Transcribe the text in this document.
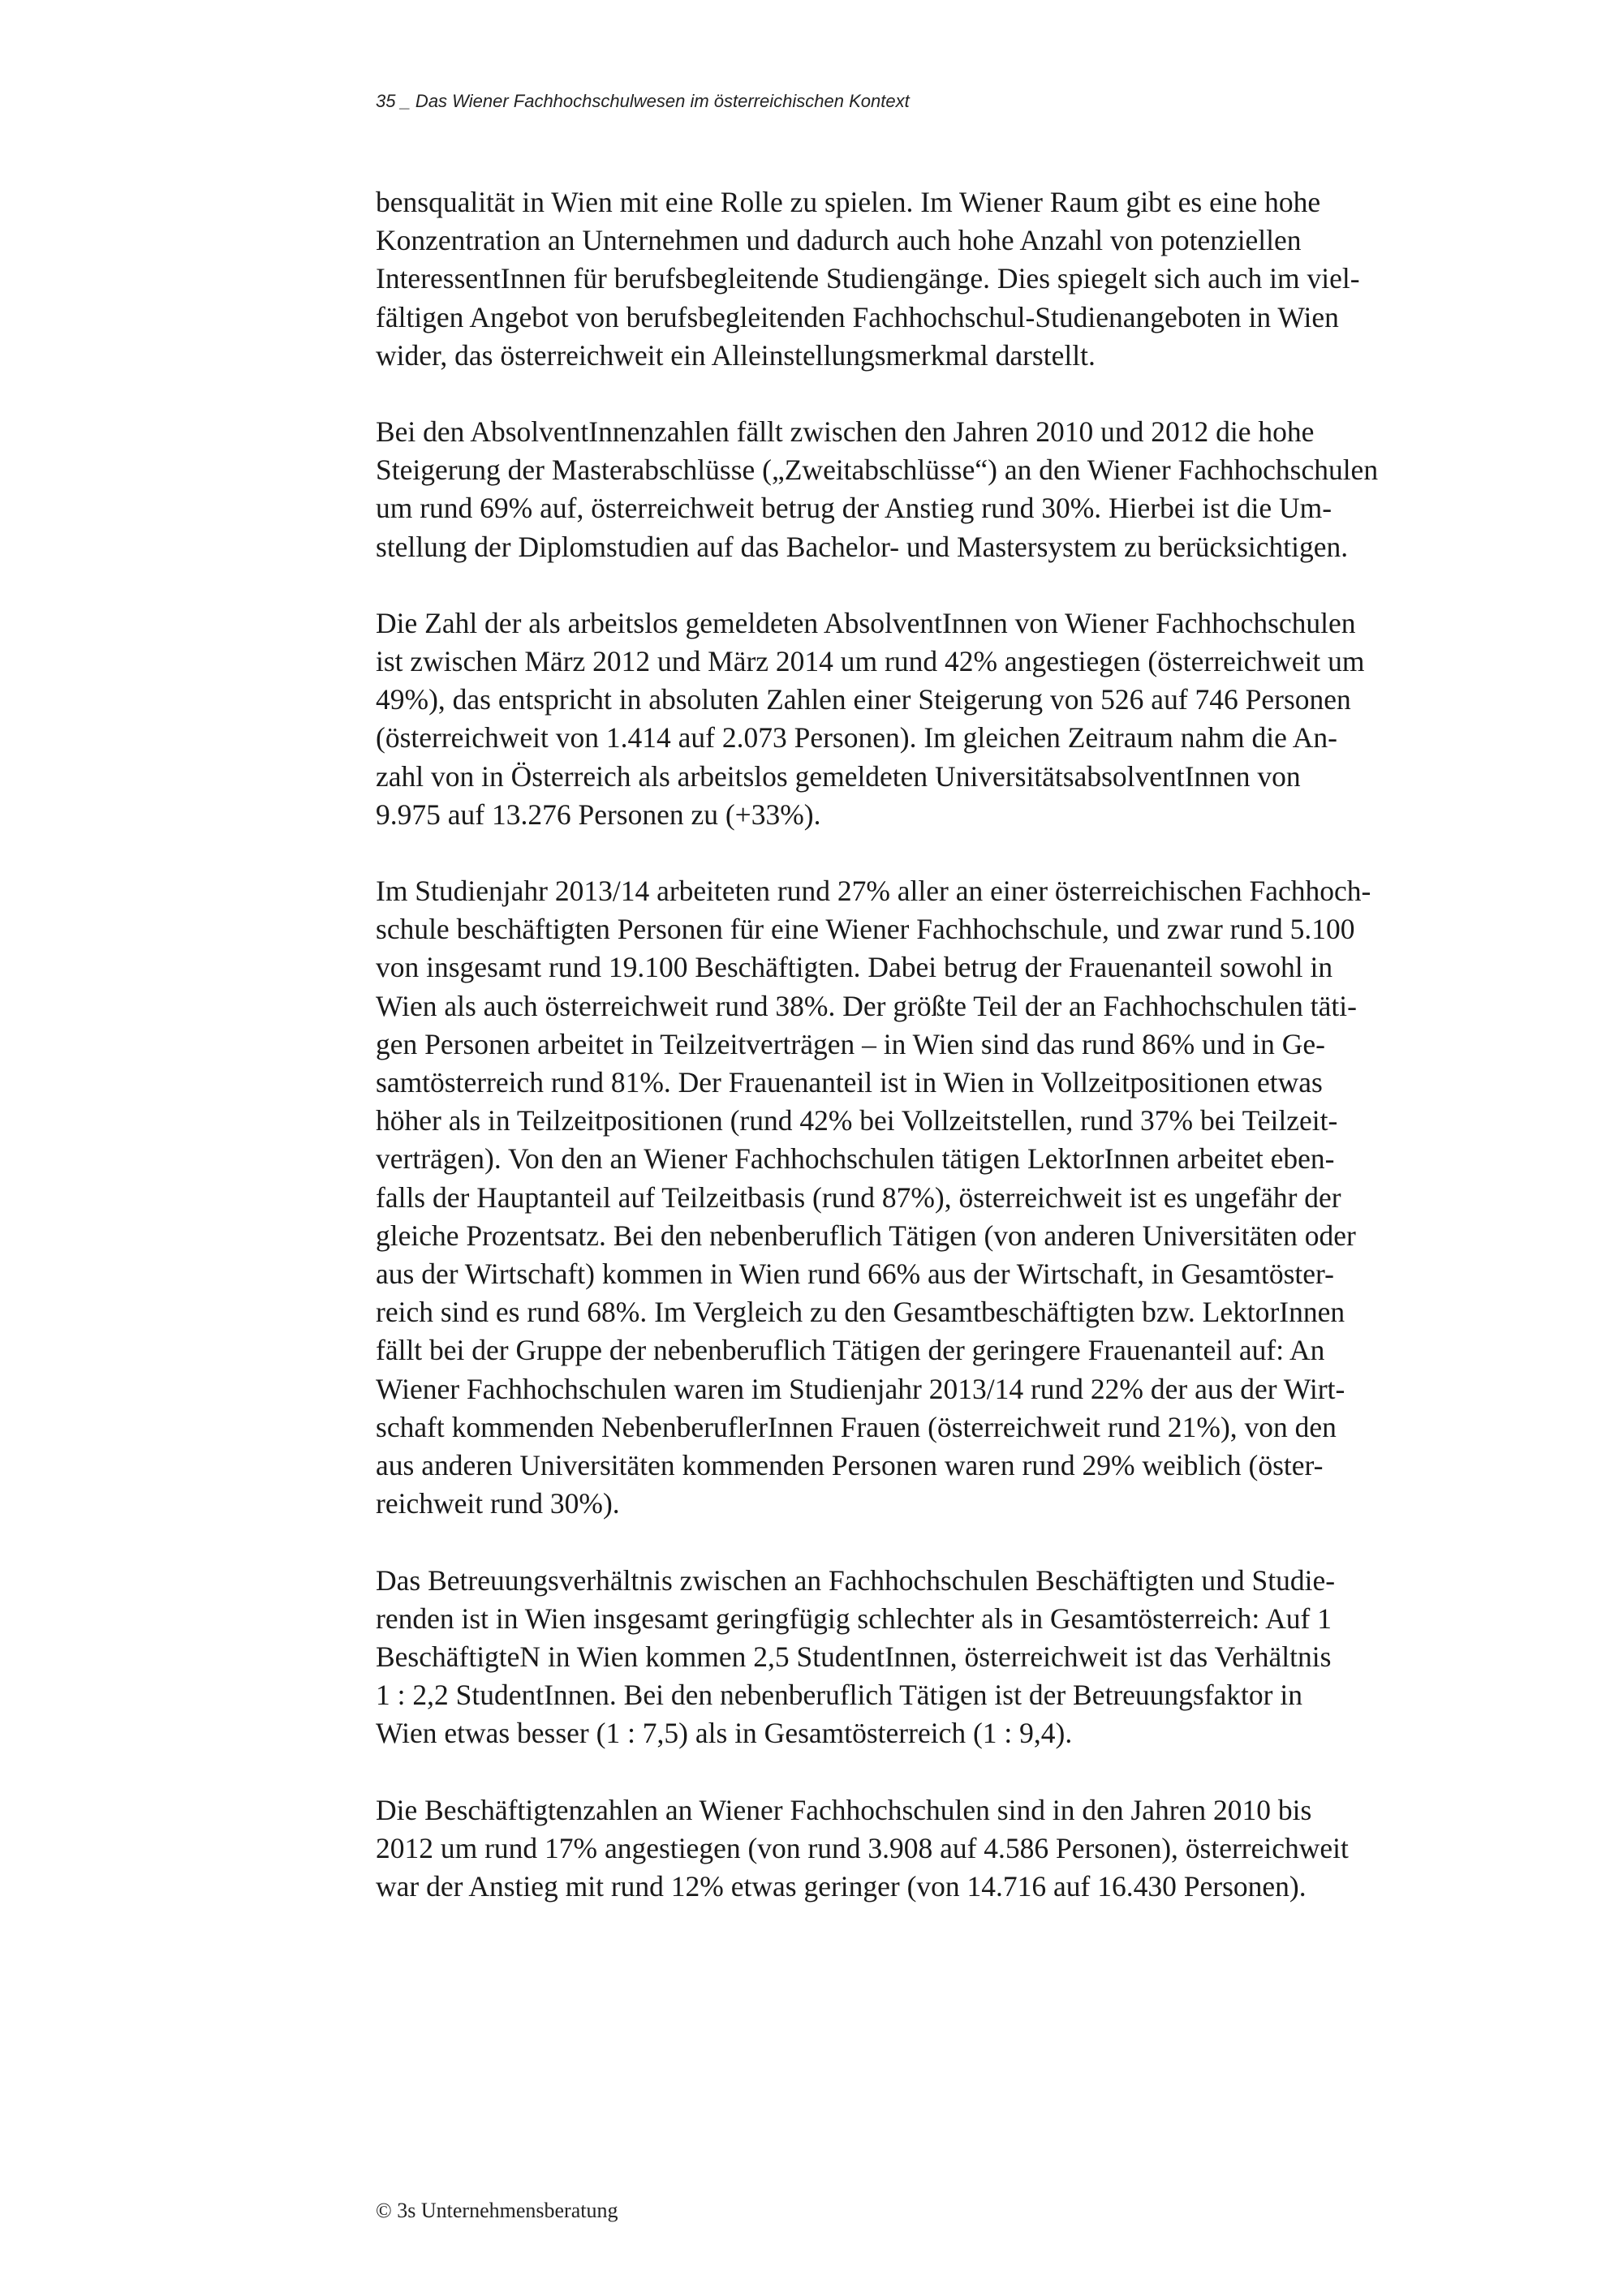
35 _ Das Wiener Fachhochschulwesen im österreichischen Kontext
bensqualität in Wien mit eine Rolle zu spielen. Im Wiener Raum gibt es eine hohe
Konzentration an Unternehmen und dadurch auch hohe Anzahl von potenziellen
InteressentInnen für berufsbegleitende Studiengänge. Dies spiegelt sich auch im viel-
fältigen Angebot von berufsbegleitenden Fachhochschul-Studienangeboten in Wien
wider, das österreichweit ein Alleinstellungsmerkmal darstellt.
Bei den AbsolventInnenzahlen fällt zwischen den Jahren 2010 und 2012 die hohe
Steigerung der Masterabschlüsse („Zweitabschlüsse“) an den Wiener Fachhochschulen
um rund 69% auf, österreichweit betrug der Anstieg rund 30%. Hierbei ist die Um-
stellung der Diplomstudien auf das Bachelor- und Mastersystem zu berücksichtigen.
Die Zahl der als arbeitslos gemeldeten AbsolventInnen von Wiener Fachhochschulen
ist zwischen März 2012 und März 2014 um rund 42% angestiegen (österreichweit um
49%), das entspricht in absoluten Zahlen einer Steigerung von 526 auf 746 Personen
(österreichweit von 1.414 auf 2.073 Personen). Im gleichen Zeitraum nahm die An-
zahl von in Österreich als arbeitslos gemeldeten UniversitätsabsolventInnen von
9.975 auf 13.276 Personen zu (+33%).
Im Studienjahr 2013/14 arbeiteten rund 27% aller an einer österreichischen Fachhoch-
schule beschäftigten Personen für eine Wiener Fachhochschule, und zwar rund 5.100
von insgesamt rund 19.100 Beschäftigten. Dabei betrug der Frauenanteil sowohl in
Wien als auch österreichweit rund 38%. Der größte Teil der an Fachhochschulen täti-
gen Personen arbeitet in Teilzeitverträgen – in Wien sind das rund 86% und in Ge-
samtösterreich rund 81%. Der Frauenanteil ist in Wien in Vollzeitpositionen etwas
höher als in Teilzeitpositionen (rund 42% bei Vollzeitstellen, rund 37% bei Teilzeit-
verträgen). Von den an Wiener Fachhochschulen tätigen LektorInnen arbeitet eben-
falls der Hauptanteil auf Teilzeitbasis (rund 87%), österreichweit ist es ungefähr der
gleiche Prozentsatz. Bei den nebenberuflich Tätigen (von anderen Universitäten oder
aus der Wirtschaft) kommen in Wien rund 66% aus der Wirtschaft, in Gesamtöster-
reich sind es rund 68%. Im Vergleich zu den Gesamtbeschäftigten bzw. LektorInnen
fällt bei der Gruppe der nebenberuflich Tätigen der geringere Frauenanteil auf: An
Wiener Fachhochschulen waren im Studienjahr 2013/14 rund 22% der aus der Wirt-
schaft kommenden NebenberuflerInnen Frauen (österreichweit rund 21%), von den
aus anderen Universitäten kommenden Personen waren rund 29% weiblich (öster-
reichweit rund 30%).
Das Betreuungsverhältnis zwischen an Fachhochschulen Beschäftigten und Studie-
renden ist in Wien insgesamt geringfügig schlechter als in Gesamtösterreich: Auf 1
BeschäftigteN in Wien kommen 2,5 StudentInnen, österreichweit ist das Verhältnis
1 : 2,2 StudentInnen. Bei den nebenberuflich Tätigen ist der Betreuungsfaktor in
Wien etwas besser (1 : 7,5) als in Gesamtösterreich (1 : 9,4).
Die Beschäftigtenzahlen an Wiener Fachhochschulen sind in den Jahren 2010 bis
2012 um rund 17% angestiegen (von rund 3.908 auf 4.586 Personen), österreichweit
war der Anstieg mit rund 12% etwas geringer (von 14.716 auf 16.430 Personen).
© 3s Unternehmensberatung
